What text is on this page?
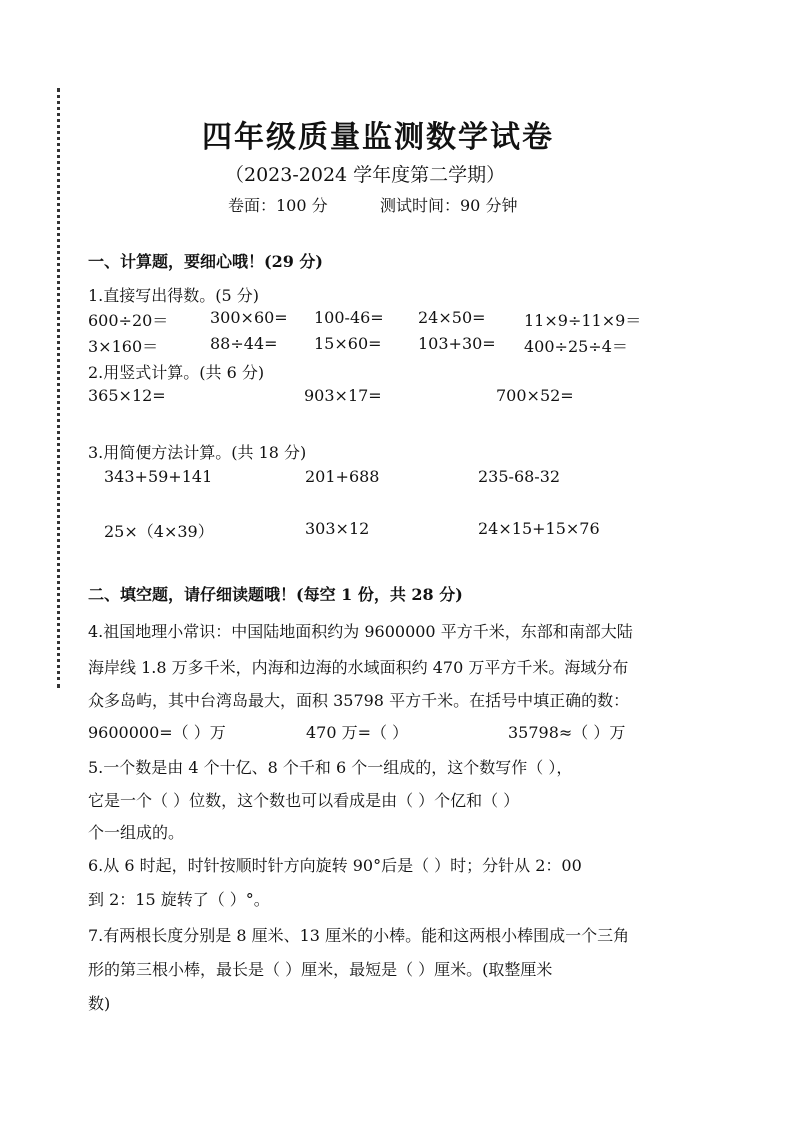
四年级质量监测数学试卷
（2023-2024 学年度第二学期）
卷面：100 分	测试时间：90 分钟
一、计算题，要细心哦！(29 分)
1.直接写出得数。(5 分)
600÷20＝	300×60= 100-46= 24×50= 11×9÷11×9＝
3×160＝	88÷44= 15×60= 103+30= 400÷25÷4＝
2.用竖式计算。(共 6 分)
365×12=	903×17=	700×52=
3.用简便方法计算。(共 18 分)
343+59+141	201+688	235-68-32
25×（4×39）	303×12	24×15+15×76
二、填空题，请仔细读题哦！(每空 1 份，共 28 分)
4.祖国地理小常识：中国陆地面积约为 9600000 平方千米，东部和南部大陆
海岸线 1.8 万多千米，内海和边海的水域面积约 470 万平方千米。海域分布
众多岛屿，其中台湾岛最大，面积 35798 平方千米。在括号中填正确的数：
9600000=（ ）万	470 万=（ ）	35798≈（ ）万
5.一个数是由 4 个十亿、8 个千和 6 个一组成的，这个数写作（ ），
它是一个（ ）位数，这个数也可以看成是由（ ）个亿和（ ）
个一组成的。
6.从 6 时起，时针按顺时针方向旋转 90°后是（ ）时；分针从 2：00
到 2：15 旋转了（ ）°。
7.有两根长度分别是 8 厘米、13 厘米的小棒。能和这两根小棒围成一个三角
形的第三根小棒，最长是（ ）厘米，最短是（ ）厘米。(取整厘米
数)
